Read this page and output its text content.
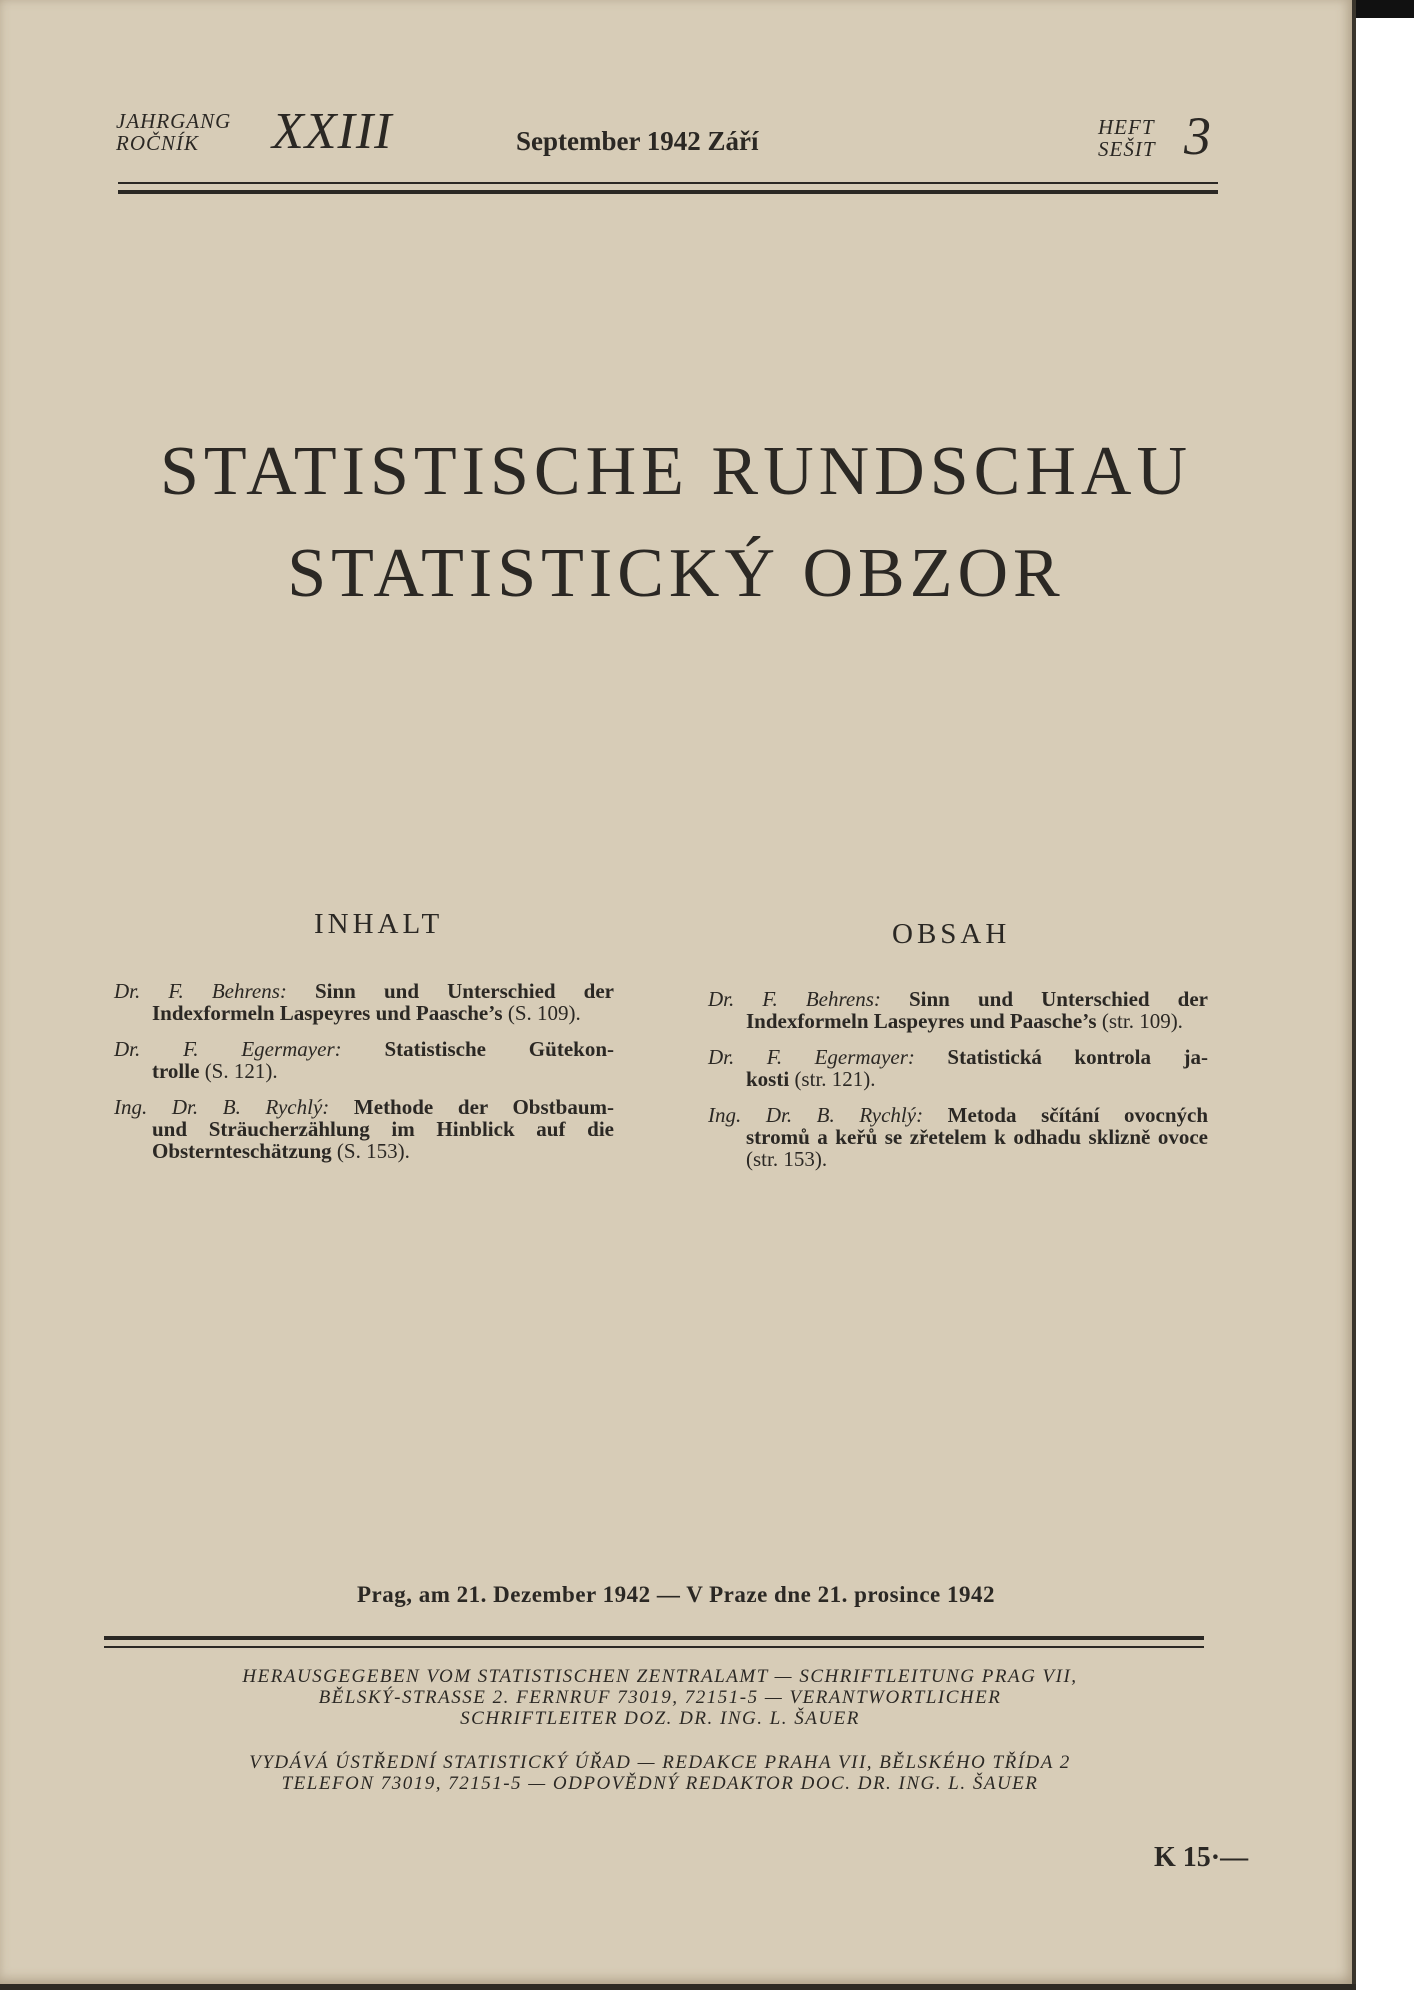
JAHRGANG
ROČNÍK	XXIII	September 1942 Září	HEFT
SEŠIT 3
STATISTISCHE RUNDSCHAU
STATISTICKÝ OBZOR
INHALT
Dr. F. Behrens: Sinn und Unterschied der
Indexformeln Laspeyres und Paasche’s (S. 109).
Dr. F. Egermayer: Statistische Gütekon-
trolle (S. 121).
Ing. Dr. B. Rychlý: Methode der Obstbaum-
und Sträucherzählung im Hinblick auf die Obsternteschätzung (S. 153).
OBSAH
Dr. F. Behrens: Sinn und Unterschied der
Indexformeln Laspeyres und Paasche’s (str. 109).
Dr. F. Egermayer: Statistická kontrola ja-
kosti (str. 121).
Ing. Dr. B. Rychlý: Metoda sčítání ovocných
stromů a keřů se zřetelem k odhadu sklizně ovoce (str. 153).
Prag, am 21. Dezember 1942 — V Praze dne 21. prosince 1942
HERAUSGEGEBEN VOM STATISTISCHEN ZENTRALAMT — SCHRIFTLEITUNG PRAG VII,
BĚLSKÝ-STRASSE 2. FERNRUF 73019, 72151-5 — VERANTWORTLICHER
SCHRIFTLEITER DOZ. DR. ING. L. ŠAUER
VYDÁVÁ ÚSTŘEDNÍ STATISTICKÝ ÚŘAD — REDAKCE PRAHA VII, BĚLSKÉHO TŘÍDA 2
TELEFON 73019, 72151-5 — ODPOVĚDNÝ REDAKTOR DOC. DR. ING. L. ŠAUER
K 15·—
